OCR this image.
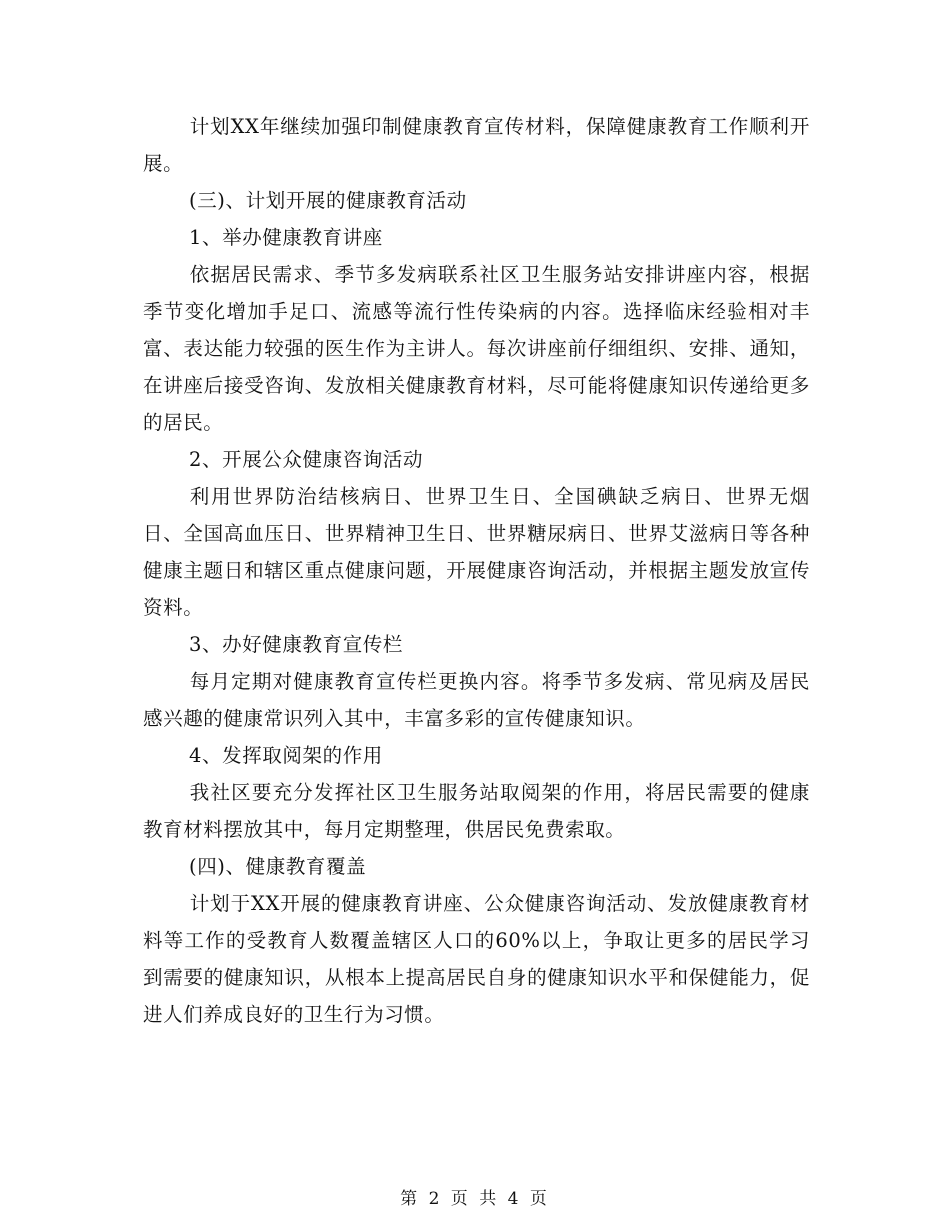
计划XX年继续加强印制健康教育宣传材料，保障健康教育工作顺利开展。

(三)、计划开展的健康教育活动

1、举办健康教育讲座

依据居民需求、季节多发病联系社区卫生服务站安排讲座内容，根据季节变化增加手足口、流感等流行性传染病的内容。选择临床经验相对丰富、表达能力较强的医生作为主讲人。每次讲座前仔细组织、安排、通知，在讲座后接受咨询、发放相关健康教育材料，尽可能将健康知识传递给更多的居民。

2、开展公众健康咨询活动

利用世界防治结核病日、世界卫生日、全国碘缺乏病日、世界无烟日、全国高血压日、世界精神卫生日、世界糖尿病日、世界艾滋病日等各种健康主题日和辖区重点健康问题，开展健康咨询活动，并根据主题发放宣传资料。

3、办好健康教育宣传栏

每月定期对健康教育宣传栏更换内容。将季节多发病、常见病及居民感兴趣的健康常识列入其中，丰富多彩的宣传健康知识。

4、发挥取阅架的作用

我社区要充分发挥社区卫生服务站取阅架的作用，将居民需要的健康教育材料摆放其中，每月定期整理，供居民免费索取。

(四)、健康教育覆盖

计划于XX开展的健康教育讲座、公众健康咨询活动、发放健康教育材料等工作的受教育人数覆盖辖区人口的60%以上，争取让更多的居民学习到需要的健康知识，从根本上提高居民自身的健康知识水平和保健能力，促进人们养成良好的卫生行为习惯。

第 2 页 共 4 页
